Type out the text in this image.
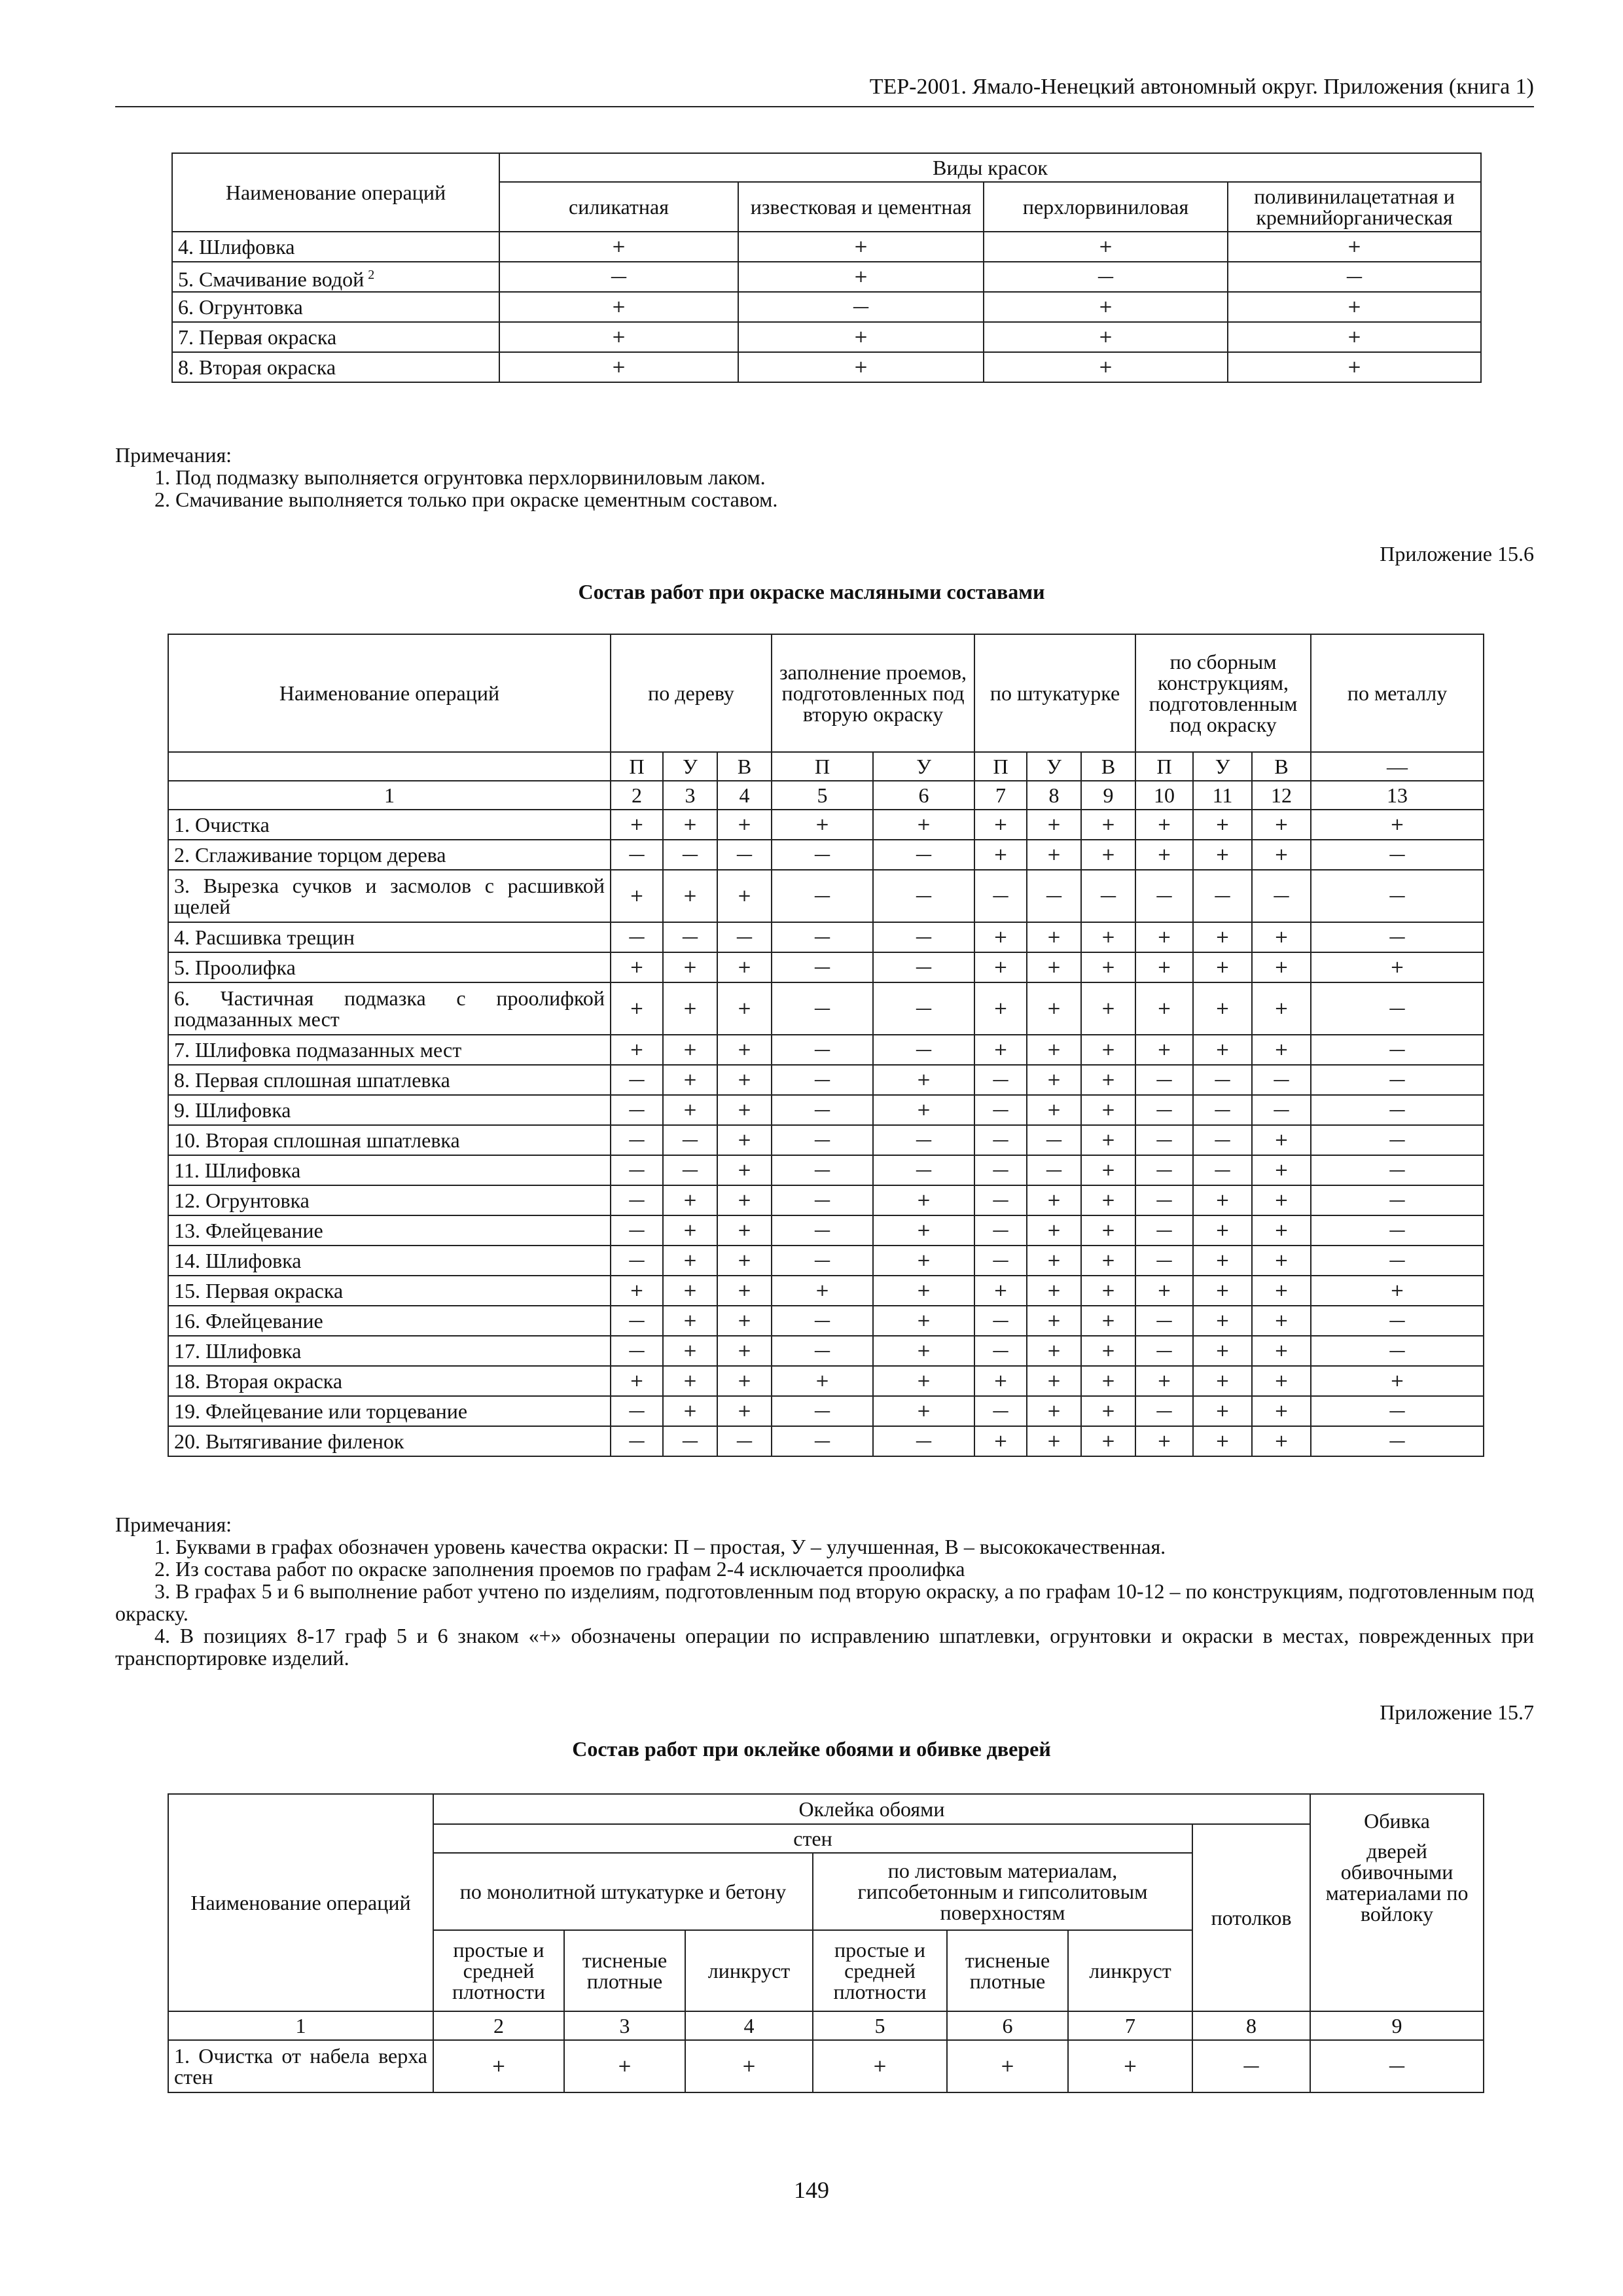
ТЕР-2001. Ямало-Ненецкий автономный округ. Приложения (книга 1)
Наименование операций	Виды красок			
	силикатная	известковая и цементная	перхлорвиниловая	поливинилацетатная и кремнийорганическая
4. Шлифовка	+	+	+	+
5. Смачивание водой $^2$	—	+	—	—
6. Огрунтовка	+	—	+	+
7. Первая окраска	+	+	+	+
8. Вторая окраска	+	+	+	+

Примечания:

1. Под подмазку выполняется огрунтовка перхлорвиниловым лаком.

2. Смачивание выполняется только при окраске цементным составом.

Приложение 15.6
Состав работ при окраске масляными составами
Наименование операций	по дереву			заполнение проемов, подготовленных под вторую окраску		по штукатурке			по сборным конструкциям, подготовленным под окраску			по металлу
	П	У	В	П	У	П	У	В	П	У	В	—
1	2	3	4	5	6	7	8	9	10	11	12	13
1. Очистка	+	+	+	+	+	+	+	+	+	+	+	+
2. Сглаживание торцом дерева	—	—	—	—	—	+	+	+	+	+	+	—
3. Вырезка сучков и засмолов с расшивкой щелей	+	+	+	—	—	—	—	—	—	—	—	—
4. Расшивка трещин	—	—	—	—	—	+	+	+	+	+	+	—
5. Проолифка	+	+	+	—	—	+	+	+	+	+	+	+
6. Частичная подмазка с проолифкой подмазанных мест	+	+	+	—	—	+	+	+	+	+	+	—
7. Шлифовка подмазанных мест	+	+	+	—	—	+	+	+	+	+	+	—
8. Первая сплошная шпатлевка	—	+	+	—	+	—	+	+	—	—	—	—
9. Шлифовка	—	+	+	—	+	—	+	+	—	—	—	—
10. Вторая сплошная шпатлевка	—	—	+	—	—	—	—	+	—	—	+	—
11. Шлифовка	—	—	+	—	—	—	—	+	—	—	+	—
12. Огрунтовка	—	+	+	—	+	—	+	+	—	+	+	—
13. Флейцевание	—	+	+	—	+	—	+	+	—	+	+	—
14. Шлифовка	—	+	+	—	+	—	+	+	—	+	+	—
15. Первая окраска	+	+	+	+	+	+	+	+	+	+	+	+
16. Флейцевание	—	+	+	—	+	—	+	+	—	+	+	—
17. Шлифовка	—	+	+	—	+	—	+	+	—	+	+	—
18. Вторая окраска	+	+	+	+	+	+	+	+	+	+	+	+
19. Флейцевание или торцевание	—	+	+	—	+	—	+	+	—	+	+	—
20. Вытягивание филенок	—	—	—	—	—	+	+	+	+	+	+	—

Примечания:

1. Буквами в графах обозначен уровень качества окраски: П – простая, У – улучшенная, В – высококачественная.

2. Из состава работ по окраске заполнения проемов по графам 2-4 исключается проолифка

3. В графах 5 и 6 выполнение работ учтено по изделиям, подготовленным под вторую окраску, а по графам 10-12 – по конструкциям, подготовленным под окраску.

4. В позициях 8-17 граф 5 и 6 знаком «+» обозначены операции по исправлению шпатлевки, огрунтовки и окраски в местах, поврежденных при транспортировке изделий.

Приложение 15.7
Состав работ при оклейке обоями и обивке дверей
Наименование операций	Оклейка обоями							Обивка
дверей обивочными материалами по войлоку

	стен						потолков	
	по монолитной штукатурке и бетону			по листовым материалам, гипсобетонным и гипсолитовым поверхностям				
	простые и средней плотности	тисненые плотные	линкруст	простые и средней плотности	тисненые плотные	линкруст		
1	2	3	4	5	6	7	8	9
1. Очистка от набела верха стен	+	+	+	+	+	+	—	—
149
